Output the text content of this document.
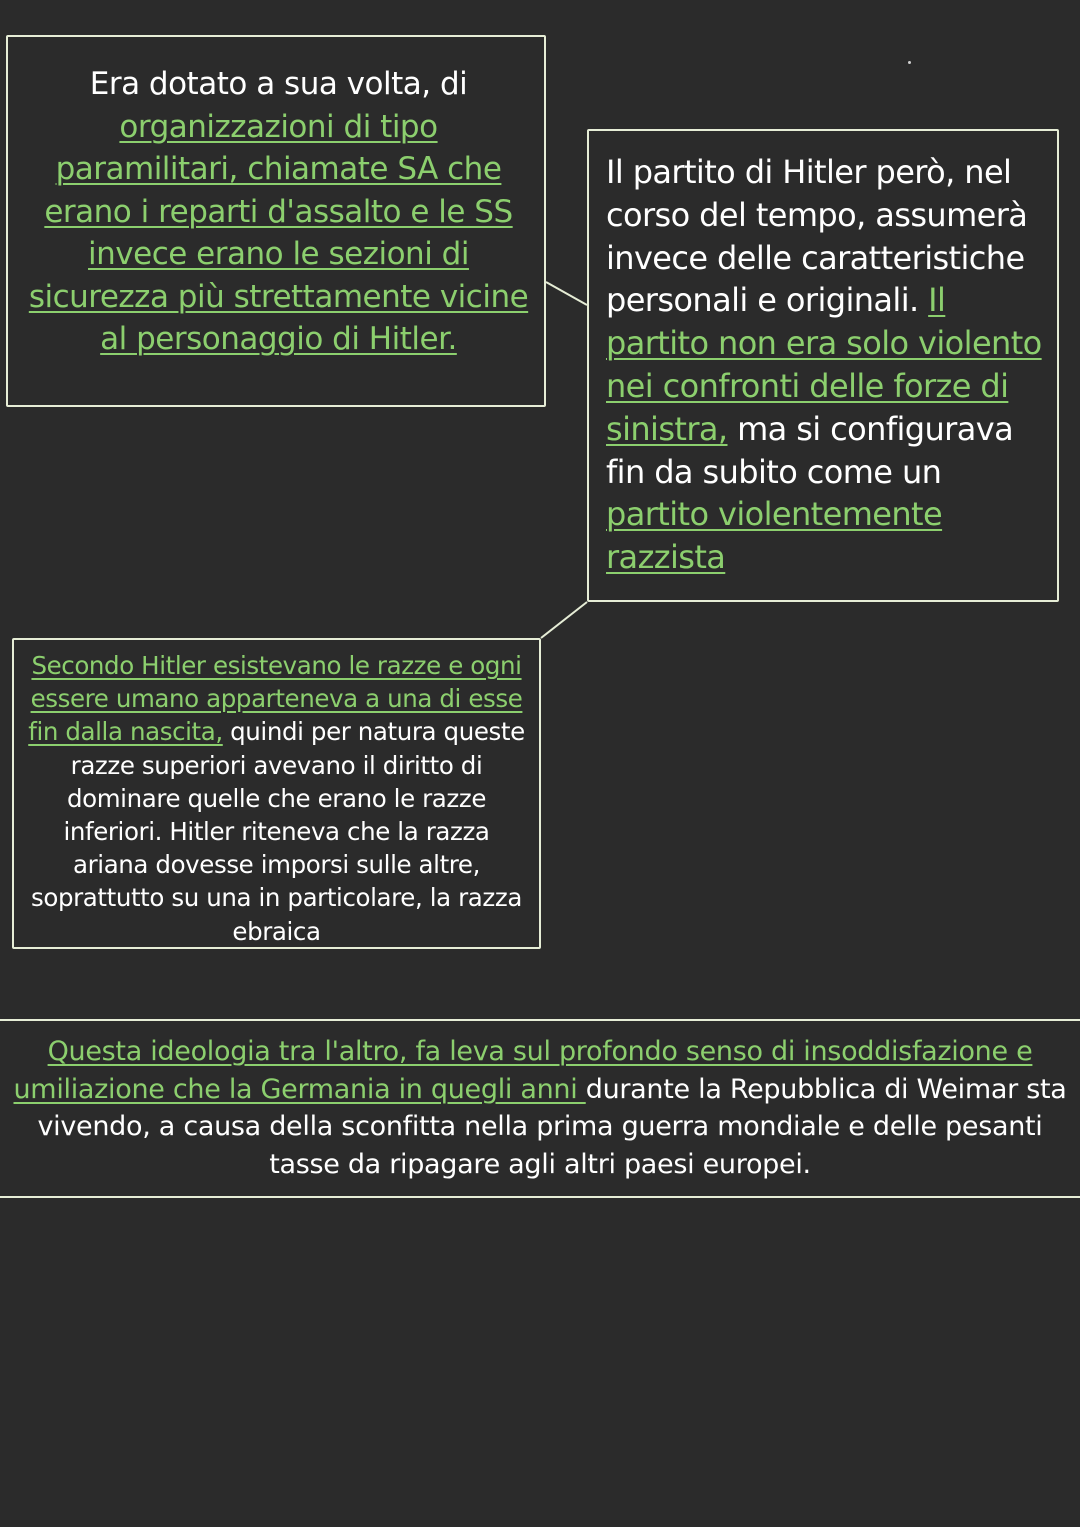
Era dotato a sua volta, di
organizzazioni di tipo paramilitari, chiamate SA che erano i reparti d'assalto e le SS invece erano le sezioni di sicurezza più strettamente vicine al personaggio di Hitler.

Il partito di Hitler però, nel corso del tempo, assumerà invece delle caratteristiche personali e originali. Il partito non era solo violento nei confronti delle forze di sinistra, ma si configurava fin da subito come un partito violentemente razzista

Secondo Hitler esistevano le razze e ogni essere umano apparteneva a una di esse fin dalla nascita, quindi per natura queste razze superiori avevano il diritto di dominare quelle che erano le razze inferiori. Hitler riteneva che la razza ariana dovesse imporsi sulle altre, soprattutto su una in particolare, la razza ebraica

Questa ideologia tra l'altro, fa leva sul profondo senso di insoddisfazione e umiliazione che la Germania in quegli anni durante la Repubblica di Weimar sta vivendo, a causa della sconfitta nella prima guerra mondiale e delle pesanti tasse da ripagare agli altri paesi europei.
